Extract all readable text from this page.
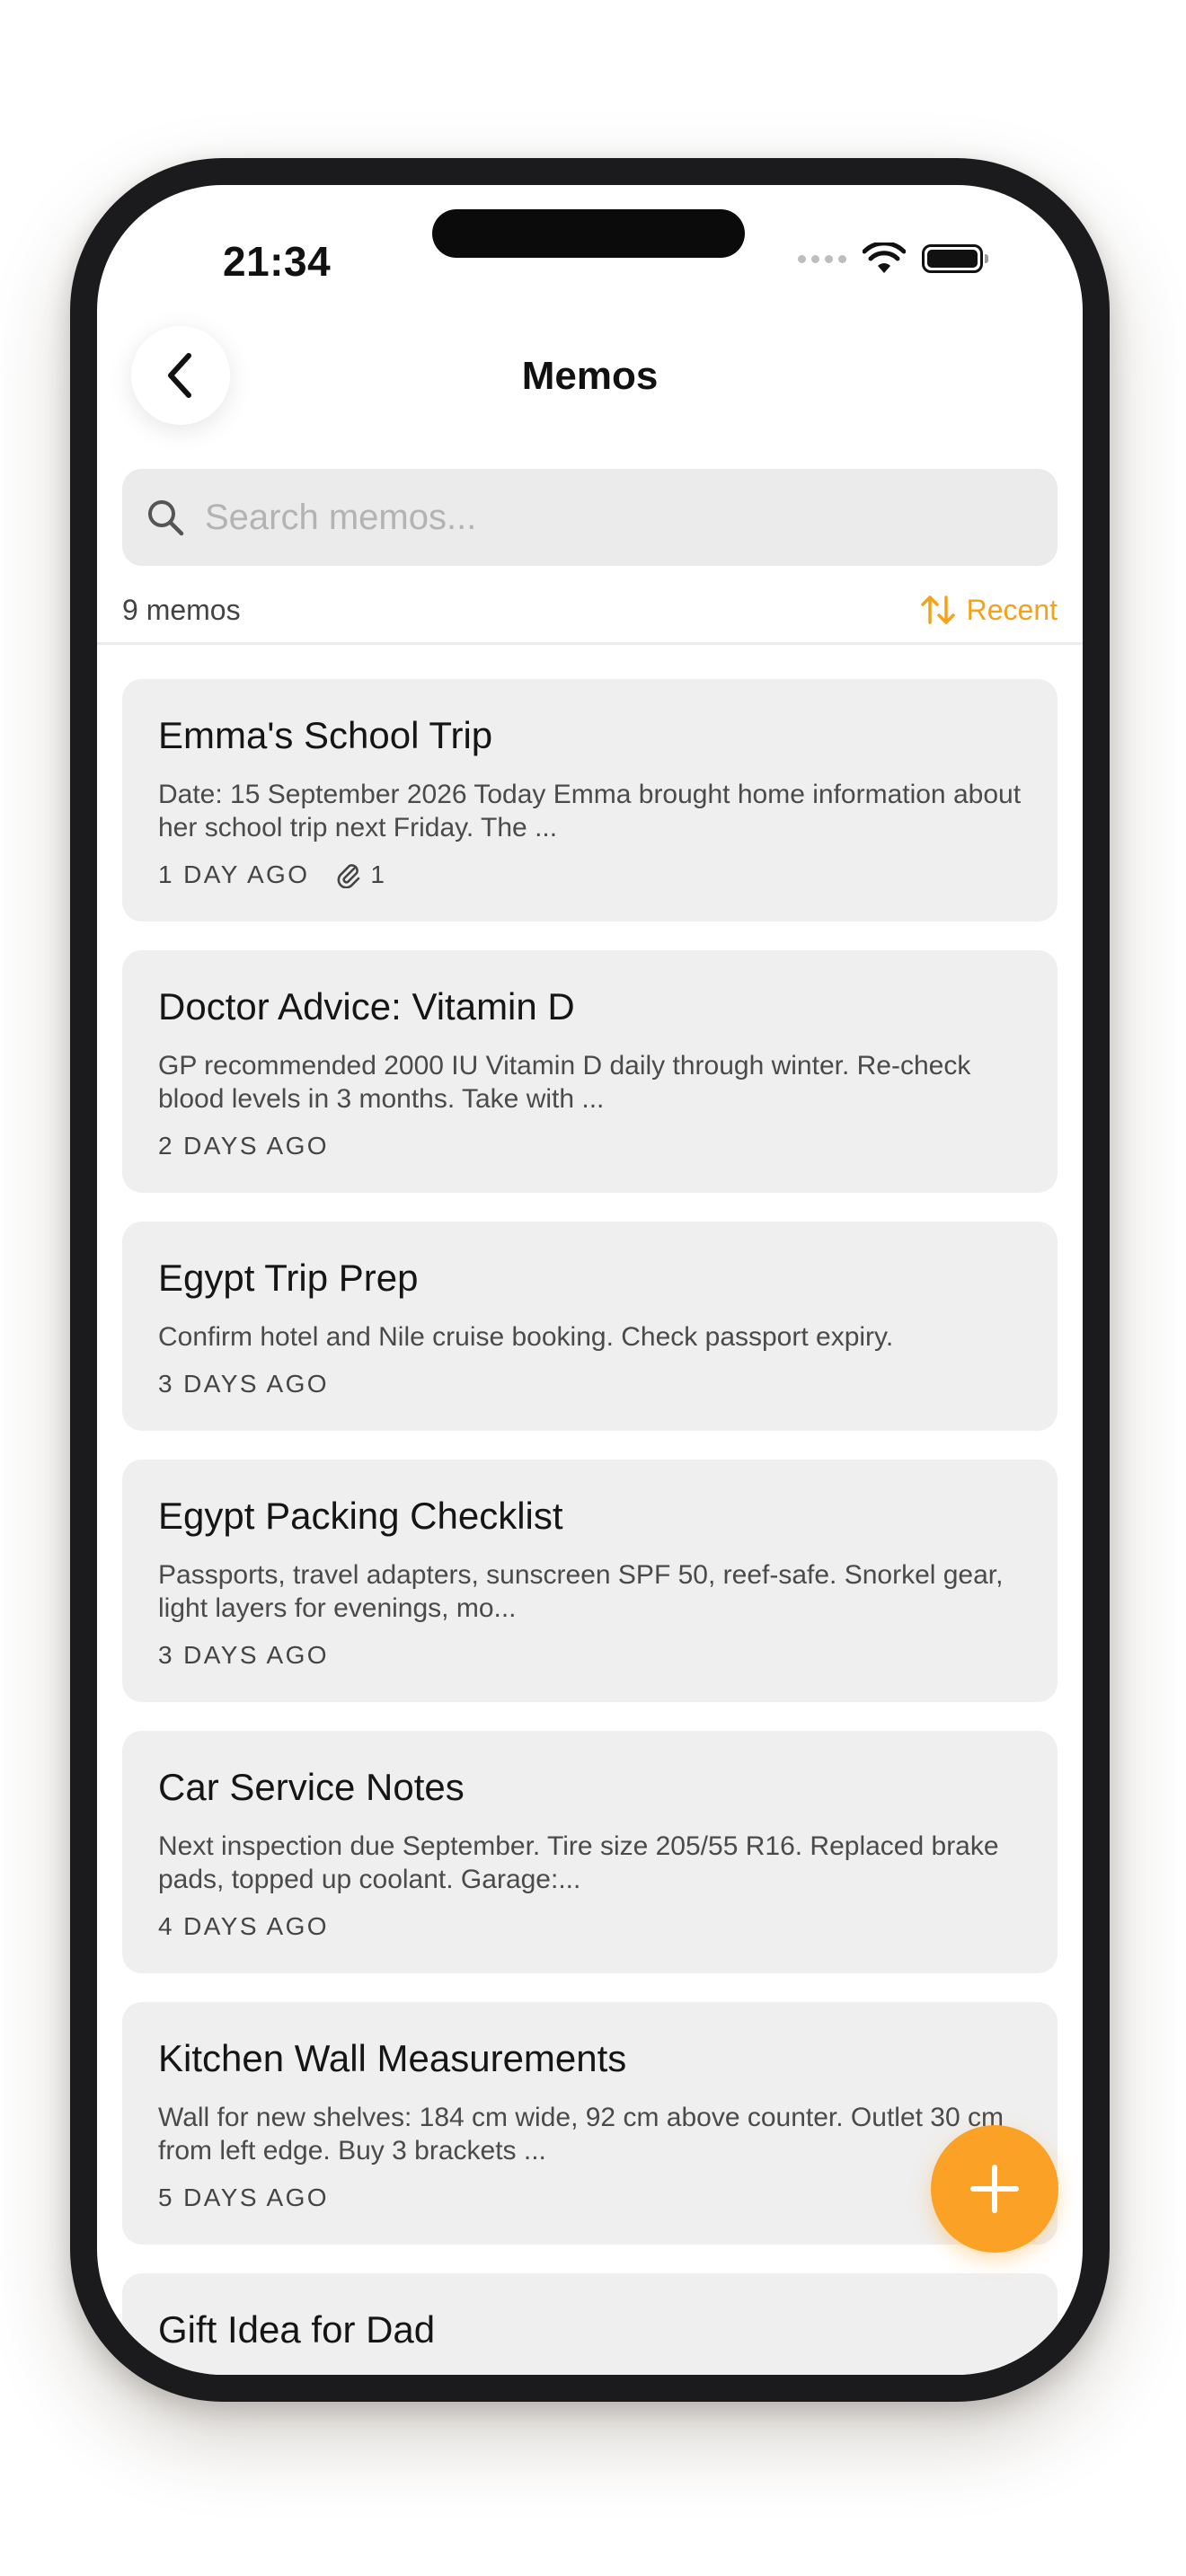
21:34
Memos
Search memos...
9 memos	Recent
Emma's School Trip
Date: 15 September 2026 Today Emma brought home information about her school trip next Friday. The ...
1 DAY AGO 1
Doctor Advice: Vitamin D
GP recommended 2000 IU Vitamin D daily through winter. Re-check blood levels in 3 months. Take with ...
2 DAYS AGO
Egypt Trip Prep
Confirm hotel and Nile cruise booking. Check passport expiry.
3 DAYS AGO
Egypt Packing Checklist
Passports, travel adapters, sunscreen SPF 50, reef-safe. Snorkel gear, light layers for evenings, mo...
3 DAYS AGO
Car Service Notes
Next inspection due September. Tire size 205/55 R16. Replaced brake pads, topped up coolant. Garage:...
4 DAYS AGO
Kitchen Wall Measurements
Wall for new shelves: 184 cm wide, 92 cm above counter. Outlet 30 cm from left edge. Buy 3 brackets ...
5 DAYS AGO
Gift Idea for Dad
